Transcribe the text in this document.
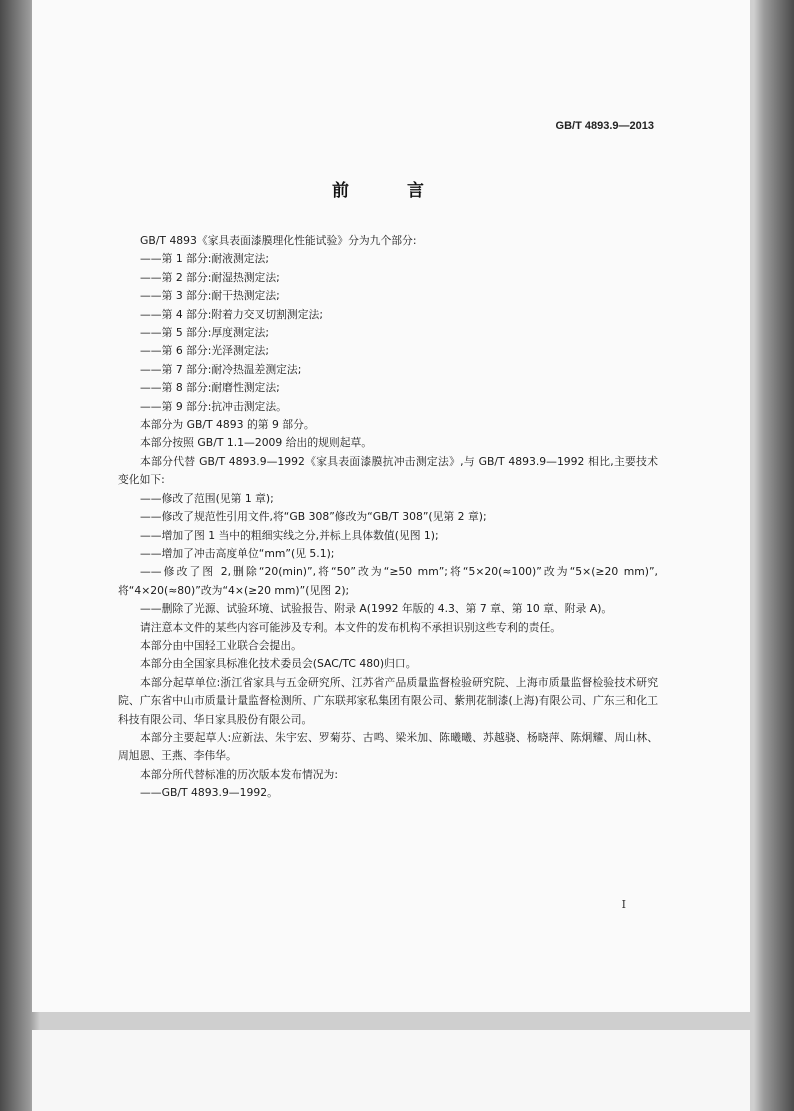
GB/T 4893.9—2013
前 言

GB/T 4893《家具表面漆膜理化性能试验》分为九个部分:

——第 1 部分:耐液测定法;

——第 2 部分:耐湿热测定法;

——第 3 部分:耐干热测定法;

——第 4 部分:附着力交叉切割测定法;

——第 5 部分:厚度测定法;

——第 6 部分:光泽测定法;

——第 7 部分:耐冷热温差测定法;

——第 8 部分:耐磨性测定法;

——第 9 部分:抗冲击测定法。

本部分为 GB/T 4893 的第 9 部分。

本部分按照 GB/T 1.1—2009 给出的规则起草。

本部分代替 GB/T 4893.9—1992《家具表面漆膜抗冲击测定法》,与 GB/T 4893.9—1992 相比,主要技术变化如下:

——修改了范围(见第 1 章);

——修改了规范性引用文件,将“GB 308”修改为“GB/T 308”(见第 2 章);

——增加了图 1 当中的粗细实线之分,并标上具体数值(见图 1);

——增加了冲击高度单位“mm”(见 5.1);

——修改了图 2,删除“20(min)”,将“50”改为“≥50 mm”;将“5×20(≈100)”改为“5×(≥20 mm)”,将“4×20(≈80)”改为“4×(≥20 mm)”(见图 2);

——删除了光源、试验环境、试验报告、附录 A(1992 年版的 4.3、第 7 章、第 10 章、附录 A)。

请注意本文件的某些内容可能涉及专利。本文件的发布机构不承担识别这些专利的责任。

本部分由中国轻工业联合会提出。

本部分由全国家具标准化技术委员会(SAC/TC 480)归口。

本部分起草单位:浙江省家具与五金研究所、江苏省产品质量监督检验研究院、上海市质量监督检验技术研究院、广东省中山市质量计量监督检测所、广东联邦家私集团有限公司、紫荆花制漆(上海)有限公司、广东三和化工科技有限公司、华日家具股份有限公司。

本部分主要起草人:应新法、朱宇宏、罗菊芬、古鸣、梁米加、陈曦曦、苏越骁、杨晓萍、陈炯耀、周山林、周旭恩、王燕、李伟华。

本部分所代替标准的历次版本发布情况为:

——GB/T 4893.9—1992。

I
